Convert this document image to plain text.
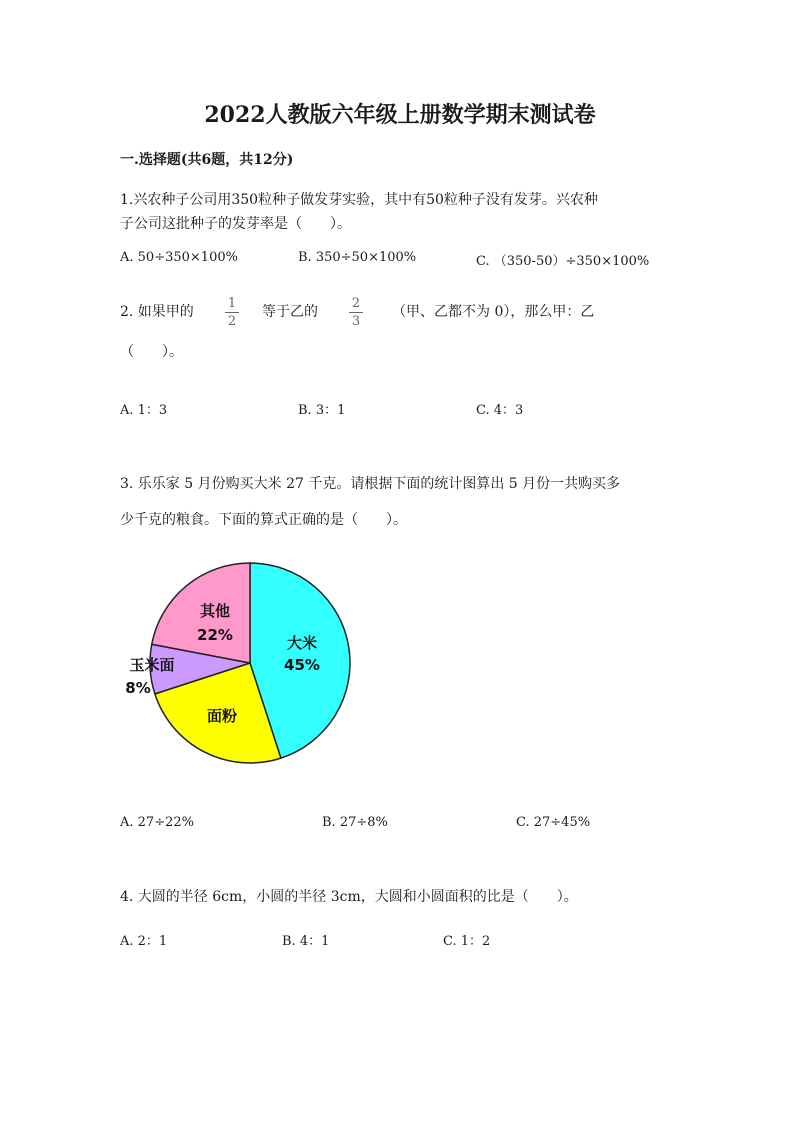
2022人教版六年级上册数学期末测试卷
一.选择题(共6题，共12分)
1.兴农种子公司用350粒种子做发芽实验，其中有50粒种子没有发芽。兴农种
子公司这批种子的发芽率是（　　）。
A. 50÷350×100%	B. 350÷50×100%	C. （350-50）÷350×100%
2. 如果甲的
1
2
等于乙的
2
3
（甲、乙都不为 0），那么甲：乙
（　　）。
A. 1：3	B. 3：1	C. 4：3
3. 乐乐家 5 月份购买大米 27 千克。请根据下面的统计图算出 5 月份一共购买多
少千克的粮食。下面的算式正确的是（　　）。
大米
45%
面粉
玉米面
8%
其他
22%
A. 27÷22%	B. 27÷8%	C. 27÷45%
4. 大圆的半径 6cm，小圆的半径 3cm，大圆和小圆面积的比是（　　）。
A. 2：1	B. 4：1	C. 1：2
